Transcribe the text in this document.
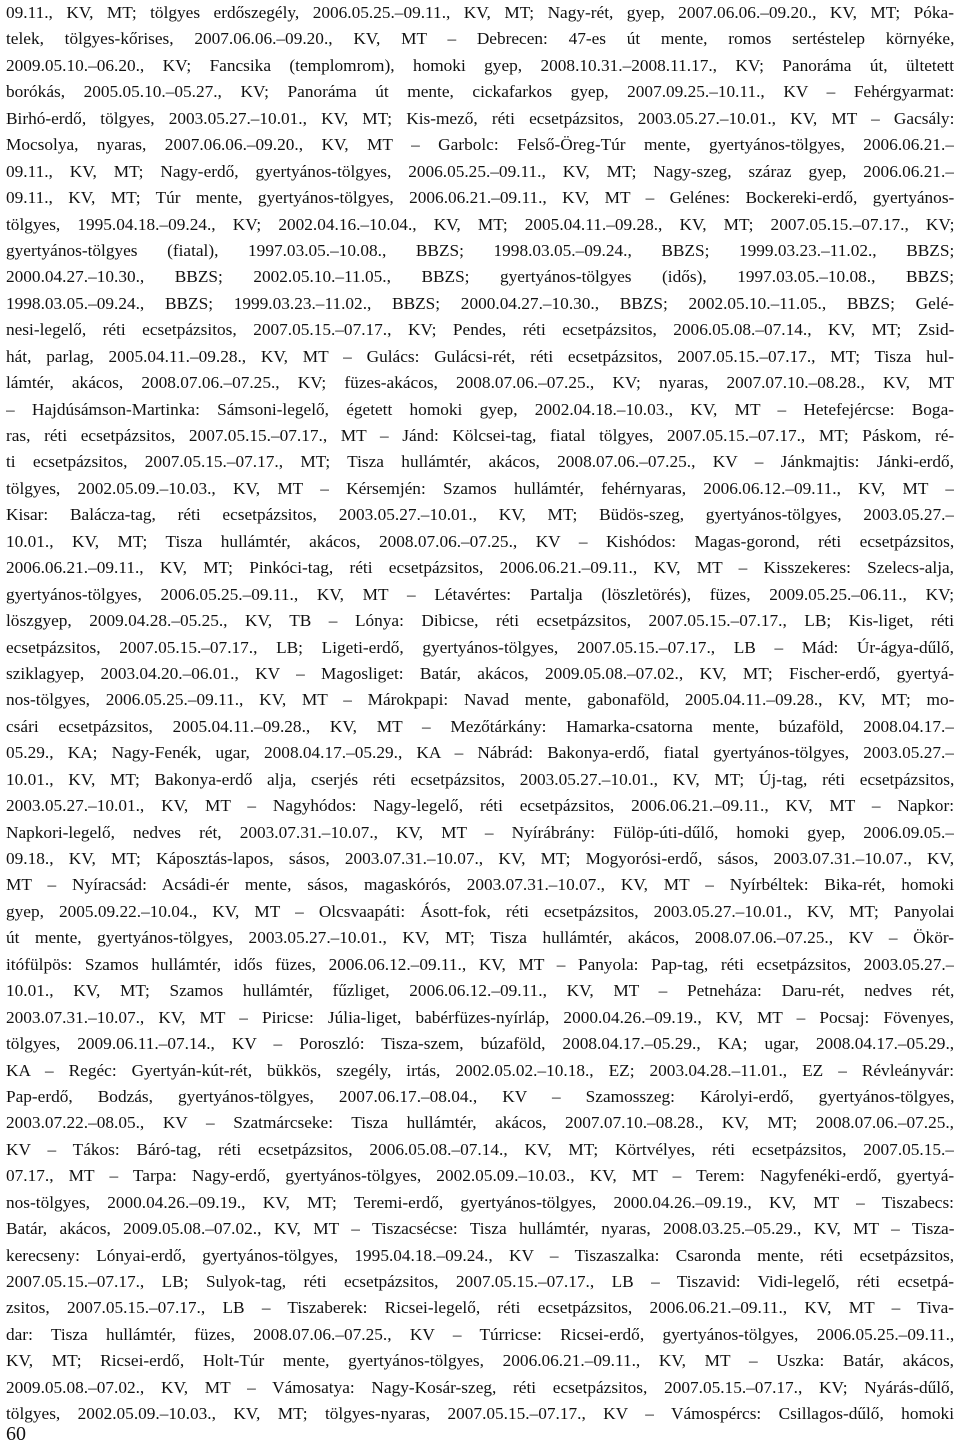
09.11., KV, MT; tölgyes erdőszegély, 2006.05.25.–09.11., KV, MT; Nagy-rét, gyep, 2007.06.06.–09.20., KV, MT; Póka-
telek, tölgyes-kőrises, 2007.06.06.–09.20., KV, MT – Debrecen: 47-es út mente, romos sertéstelep környéke,
2009.05.10.–06.20., KV; Fancsika (templomrom), homoki gyep, 2008.10.31.–2008.11.17., KV; Panoráma út, ültetett
borókás, 2005.05.10.–05.27., KV; Panoráma út mente, cickafarkos gyep, 2007.09.25.–10.11., KV – Fehérgyarmat:
Birhó-erdő, tölgyes, 2003.05.27.–10.01., KV, MT; Kis-mező, réti ecsetpázsitos, 2003.05.27.–10.01., KV, MT – Gacsály:
Mocsolya, nyaras, 2007.06.06.–09.20., KV, MT – Garbolc: Felső-Öreg-Túr mente, gyertyános-tölgyes, 2006.06.21.–
09.11., KV, MT; Nagy-erdő, gyertyános-tölgyes, 2006.05.25.–09.11., KV, MT; Nagy-szeg, száraz gyep, 2006.06.21.–
09.11., KV, MT; Túr mente, gyertyános-tölgyes, 2006.06.21.–09.11., KV, MT – Gelénes: Bockereki-erdő, gyertyános-
tölgyes, 1995.04.18.–09.24., KV; 2002.04.16.–10.04., KV, MT; 2005.04.11.–09.28., KV, MT; 2007.05.15.–07.17., KV;
gyertyános-tölgyes (fiatal), 1997.03.05.–10.08., BBZS; 1998.03.05.–09.24., BBZS; 1999.03.23.–11.02., BBZS;
2000.04.27.–10.30., BBZS; 2002.05.10.–11.05., BBZS; gyertyános-tölgyes (idős), 1997.03.05.–10.08., BBZS;
1998.03.05.–09.24., BBZS; 1999.03.23.–11.02., BBZS; 2000.04.27.–10.30., BBZS; 2002.05.10.–11.05., BBZS; Gelé-
nesi-legelő, réti ecsetpázsitos, 2007.05.15.–07.17., KV; Pendes, réti ecsetpázsitos, 2006.05.08.–07.14., KV, MT; Zsid-
hát, parlag, 2005.04.11.–09.28., KV, MT – Gulács: Gulácsi-rét, réti ecsetpázsitos, 2007.05.15.–07.17., MT; Tisza hul-
lámtér, akácos, 2008.07.06.–07.25., KV; füzes-akácos, 2008.07.06.–07.25., KV; nyaras, 2007.07.10.–08.28., KV, MT
– Hajdúsámson-Martinka: Sámsoni-legelő, égetett homoki gyep, 2002.04.18.–10.03., KV, MT – Hetefejércse: Boga-
ras, réti ecsetpázsitos, 2007.05.15.–07.17., MT – Jánd: Kölcsei-tag, fiatal tölgyes, 2007.05.15.–07.17., MT; Páskom, ré-
ti ecsetpázsitos, 2007.05.15.–07.17., MT; Tisza hullámtér, akácos, 2008.07.06.–07.25., KV – Jánkmajtis: Jánki-erdő,
tölgyes, 2002.05.09.–10.03., KV, MT – Kérsemjén: Szamos hullámtér, fehérnyaras, 2006.06.12.–09.11., KV, MT –
Kisar: Balácza-tag, réti ecsetpázsitos, 2003.05.27.–10.01., KV, MT; Büdös-szeg, gyertyános-tölgyes, 2003.05.27.–
10.01., KV, MT; Tisza hullámtér, akácos, 2008.07.06.–07.25., KV – Kishódos: Magas-gorond, réti ecsetpázsitos,
2006.06.21.–09.11., KV, MT; Pinkóci-tag, réti ecsetpázsitos, 2006.06.21.–09.11., KV, MT – Kisszekeres: Szelecs-alja,
gyertyános-tölgyes, 2006.05.25.–09.11., KV, MT – Létavértes: Partalja (löszletörés), füzes, 2009.05.25.–06.11., KV;
löszgyep, 2009.04.28.–05.25., KV, TB – Lónya: Dibicse, réti ecsetpázsitos, 2007.05.15.–07.17., LB; Kis-liget, réti
ecsetpázsitos, 2007.05.15.–07.17., LB; Ligeti-erdő, gyertyános-tölgyes, 2007.05.15.–07.17., LB – Mád: Úr-ágya-dűlő,
sziklagyep, 2003.04.20.–06.01., KV – Magosliget: Batár, akácos, 2009.05.08.–07.02., KV, MT; Fischer-erdő, gyertyá-
nos-tölgyes, 2006.05.25.–09.11., KV, MT – Márokpapi: Navad mente, gabonaföld, 2005.04.11.–09.28., KV, MT; mo-
csári ecsetpázsitos, 2005.04.11.–09.28., KV, MT – Mezőtárkány: Hamarka-csatorna mente, búzaföld, 2008.04.17.–
05.29., KA; Nagy-Fenék, ugar, 2008.04.17.–05.29., KA – Nábrád: Bakonya-erdő, fiatal gyertyános-tölgyes, 2003.05.27.–
10.01., KV, MT; Bakonya-erdő alja, cserjés réti ecsetpázsitos, 2003.05.27.–10.01., KV, MT; Új-tag, réti ecsetpázsitos,
2003.05.27.–10.01., KV, MT – Nagyhódos: Nagy-legelő, réti ecsetpázsitos, 2006.06.21.–09.11., KV, MT – Napkor:
Napkori-legelő, nedves rét, 2003.07.31.–10.07., KV, MT – Nyírábrány: Fülöp-úti-dűlő, homoki gyep, 2006.09.05.–
09.18., KV, MT; Káposztás-lapos, sásos, 2003.07.31.–10.07., KV, MT; Mogyorósi-erdő, sásos, 2003.07.31.–10.07., KV,
MT – Nyíracsád: Acsádi-ér mente, sásos, magaskórós, 2003.07.31.–10.07., KV, MT – Nyírbéltek: Bika-rét, homoki
gyep, 2005.09.22.–10.04., KV, MT – Olcsvaapáti: Ásott-fok, réti ecsetpázsitos, 2003.05.27.–10.01., KV, MT; Panyolai
út mente, gyertyános-tölgyes, 2003.05.27.–10.01., KV, MT; Tisza hullámtér, akácos, 2008.07.06.–07.25., KV – Ökör-
itófülpös: Szamos hullámtér, idős füzes, 2006.06.12.–09.11., KV, MT – Panyola: Pap-tag, réti ecsetpázsitos, 2003.05.27.–
10.01., KV, MT; Szamos hullámtér, fűzliget, 2006.06.12.–09.11., KV, MT – Petneháza: Daru-rét, nedves rét,
2003.07.31.–10.07., KV, MT – Piricse: Júlia-liget, babérfüzes-nyírláp, 2000.04.26.–09.19., KV, MT – Pocsaj: Fövenyes,
tölgyes, 2009.06.11.–07.14., KV – Poroszló: Tisza-szem, búzaföld, 2008.04.17.–05.29., KA; ugar, 2008.04.17.–05.29.,
KA – Regéc: Gyertyán-kút-rét, bükkös, szegély, irtás, 2002.05.02.–10.18., EZ; 2003.04.28.–11.01., EZ – Révleányvár:
Pap-erdő, Bodzás, gyertyános-tölgyes, 2007.06.17.–08.04., KV – Szamosszeg: Károlyi-erdő, gyertyános-tölgyes,
2003.07.22.–08.05., KV – Szatmárcseke: Tisza hullámtér, akácos, 2007.07.10.–08.28., KV, MT; 2008.07.06.–07.25.,
KV – Tákos: Báró-tag, réti ecsetpázsitos, 2006.05.08.–07.14., KV, MT; Körtvélyes, réti ecsetpázsitos, 2007.05.15.–
07.17., MT – Tarpa: Nagy-erdő, gyertyános-tölgyes, 2002.05.09.–10.03., KV, MT – Terem: Nagyfenéki-erdő, gyertyá-
nos-tölgyes, 2000.04.26.–09.19., KV, MT; Teremi-erdő, gyertyános-tölgyes, 2000.04.26.–09.19., KV, MT – Tiszabecs:
Batár, akácos, 2009.05.08.–07.02., KV, MT – Tiszacsécse: Tisza hullámtér, nyaras, 2008.03.25.–05.29., KV, MT – Tisza-
kerecseny: Lónyai-erdő, gyertyános-tölgyes, 1995.04.18.–09.24., KV – Tiszaszalka: Csaronda mente, réti ecsetpázsitos,
2007.05.15.–07.17., LB; Sulyok-tag, réti ecsetpázsitos, 2007.05.15.–07.17., LB – Tiszavid: Vidi-legelő, réti ecsetpá-
zsitos, 2007.05.15.–07.17., LB – Tiszaberek: Ricsei-legelő, réti ecsetpázsitos, 2006.06.21.–09.11., KV, MT – Tiva-
dar: Tisza hullámtér, füzes, 2008.07.06.–07.25., KV – Túrricse: Ricsei-erdő, gyertyános-tölgyes, 2006.05.25.–09.11.,
KV, MT; Ricsei-erdő, Holt-Túr mente, gyertyános-tölgyes, 2006.06.21.–09.11., KV, MT – Uszka: Batár, akácos,
2009.05.08.–07.02., KV, MT – Vámosatya: Nagy-Kosár-szeg, réti ecsetpázsitos, 2007.05.15.–07.17., KV; Nyárás-dűlő,
tölgyes, 2002.05.09.–10.03., KV, MT; tölgyes-nyaras, 2007.05.15.–07.17., KV – Vámospércs: Csillagos-dűlő, homoki
60
